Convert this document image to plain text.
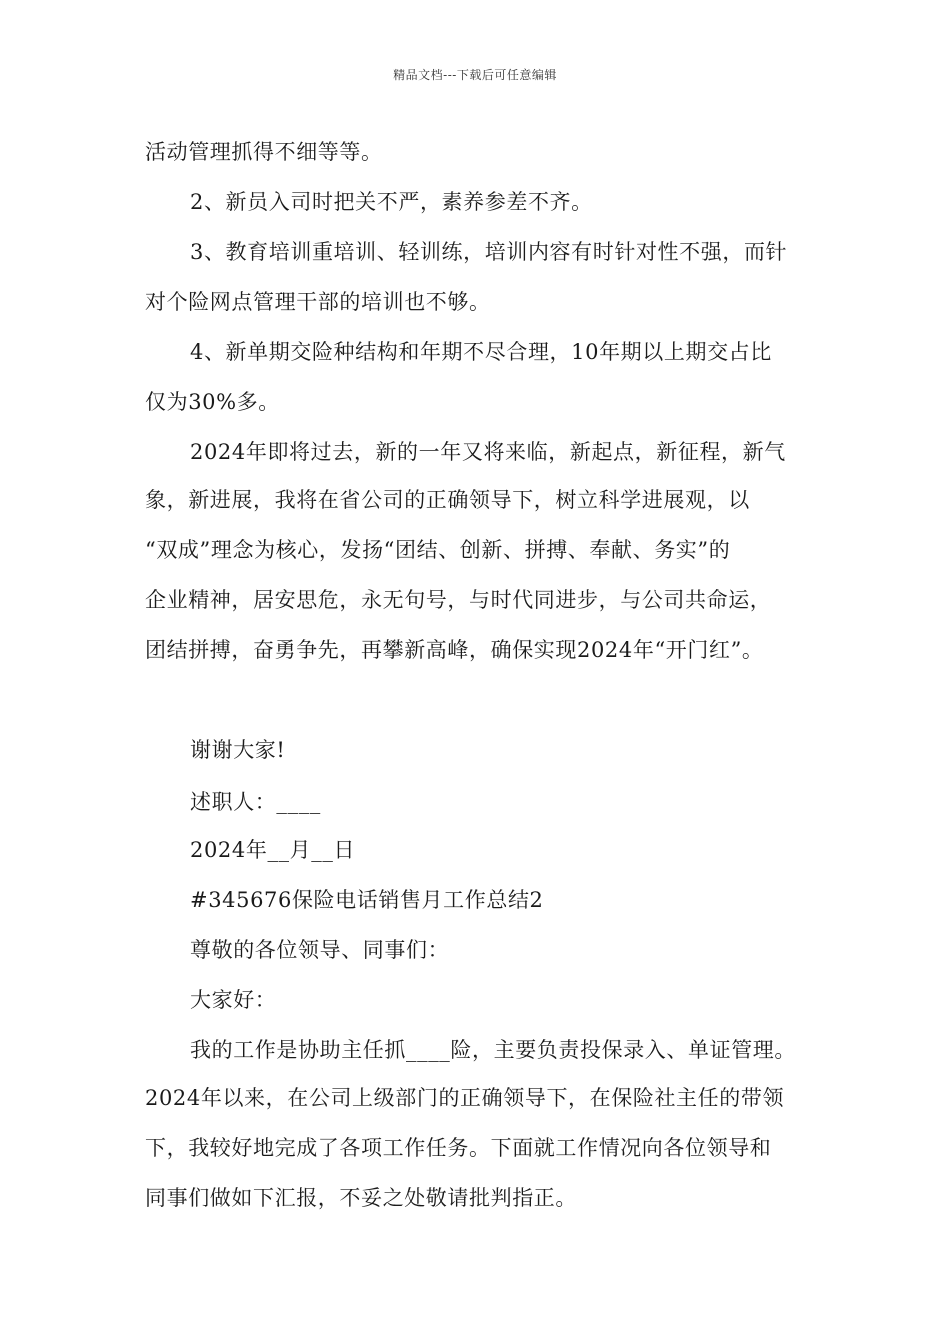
精品文档---下载后可任意编辑
活动管理抓得不细等等。
2、新员入司时把关不严，素养参差不齐。
3、教育培训重培训、轻训练，培训内容有时针对性不强，而针
对个险网点管理干部的培训也不够。
4、新单期交险种结构和年期不尽合理，10年期以上期交占比
仅为30%多。
2024年即将过去，新的一年又将来临，新起点，新征程，新气
象，新进展，我将在省公司的正确领导下，树立科学进展观，以
“双成”理念为核心，发扬“团结、创新、拼搏、奉献、务实”的
企业精神，居安思危，永无句号，与时代同进步，与公司共命运，
团结拼搏，奋勇争先，再攀新高峰，确保实现2024年“开门红”。
谢谢大家!
述职人：____
2024年__月__日
#345676保险电话销售月工作总结2
尊敬的各位领导、同事们：
大家好：
我的工作是协助主任抓____险，主要负责投保录入、单证管理。
2024年以来，在公司上级部门的正确领导下，在保险社主任的带领
下，我较好地完成了各项工作任务。下面就工作情况向各位领导和
同事们做如下汇报，不妥之处敬请批判指正。
